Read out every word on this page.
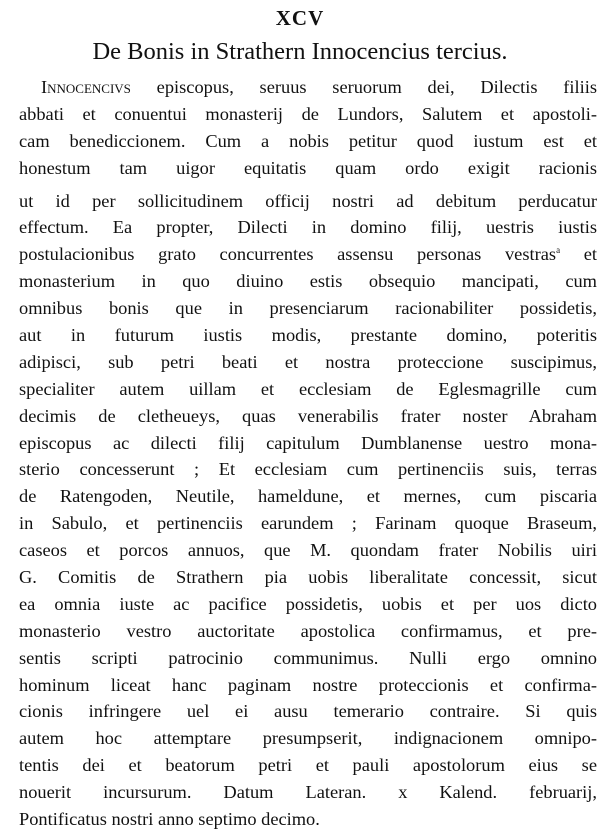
XCV
De Bonis in Strathern Innocencius tercius.
Innocencivs episcopus, seruus seruorum dei, Dilectis filiis
abbati et conuentui monasterij de Lundors, Salutem et apostoli-
cam benediccionem. Cum a nobis petitur quod iustum est et
honestum tam uigor equitatis quam ordo exigit racionis
ut id per sollicitudinem officij nostri ad debitum perducatur
effectum. Ea propter, Dilecti in domino filij, uestris iustis
postulacionibus grato concurrentes assensu personas vestras$^a$ et
monasterium in quo diuino estis obsequio mancipati, cum
omnibus bonis que in presenciarum racionabiliter possidetis,
aut in futurum iustis modis, prestante domino, poteritis
adipisci, sub petri beati et nostra proteccione suscipimus,
specialiter autem uillam et ecclesiam de Eglesmagrille cum
decimis de cletheueys, quas venerabilis frater noster Abraham
episcopus ac dilecti filij capitulum Dumblanense uestro mona-
sterio concesserunt ; Et ecclesiam cum pertinenciis suis, terras
de Ratengoden, Neutile, hameldune, et mernes, cum piscaria
in Sabulo, et pertinenciis earundem ; Farinam quoque Braseum,
caseos et porcos annuos, que M. quondam frater Nobilis uiri
G. Comitis de Strathern pia uobis liberalitate concessit, sicut
ea omnia iuste ac pacifice possidetis, uobis et per uos dicto
monasterio vestro auctoritate apostolica confirmamus, et pre-
sentis scripti patrocinio communimus. Nulli ergo omnino
hominum liceat hanc paginam nostre proteccionis et confirma-
cionis infringere uel ei ausu temerario contraire. Si quis
autem hoc attemptare presumpserit, indignacionem omnipo-
tentis dei et beatorum petri et pauli apostolorum eius se
nouerit incursurum. Datum Lateran. x Kalend. februarij,
Pontificatus nostri anno septimo decimo.
